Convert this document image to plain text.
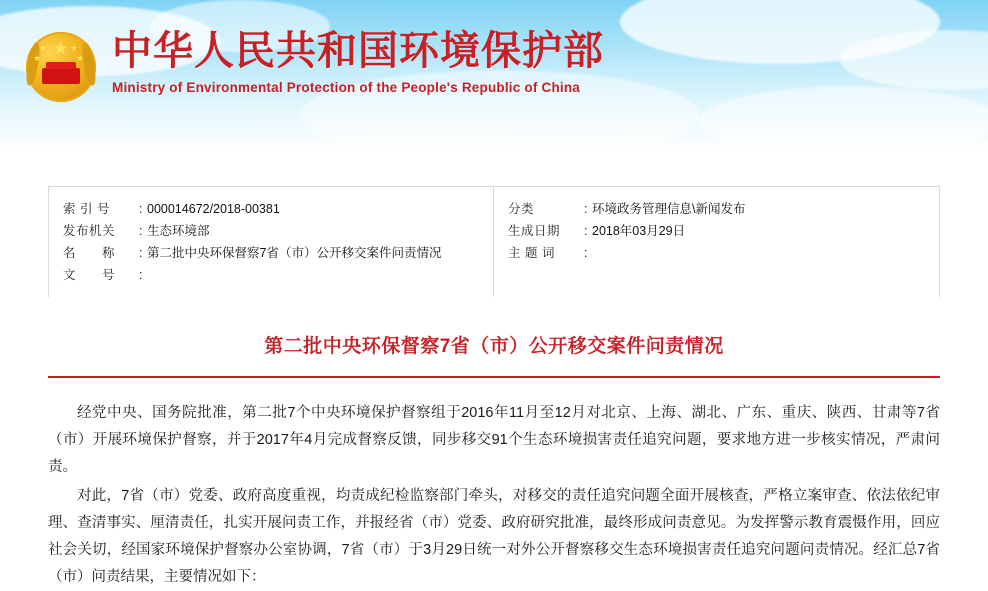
★
★
★
★
★ 中华人民共和国环境保护部
Ministry of Environmental Protection of the People's Republic of China
索 引 号	: 000014672/2018-00381
发布机关	: 生态环境部
名　　称	: 第二批中央环保督察7省（市）公开移交案件问责情况
文　　号	:
分类	: 环境政务管理信息\新闻发布
生成日期	: 2018年03月29日
主 题 词	:
第二批中央环保督察7省（市）公开移交案件问责情况

经党中央、国务院批准，第二批7个中央环境保护督察组于2016年11月至12月对北京、上海、湖北、广东、重庆、陕西、甘肃等7省（市）开展环境保护督察，并于2017年4月完成督察反馈，同步移交91个生态环境损害责任追究问题，要求地方进一步核实情况，严肃问责。

对此，7省（市）党委、政府高度重视，均责成纪检监察部门牵头，对移交的责任追究问题全面开展核查，严格立案审查、依法依纪审理、查清事实、厘清责任，扎实开展问责工作，并报经省（市）党委、政府研究批准，最终形成问责意见。为发挥警示教育震慑作用，回应社会关切，经国家环境保护督察办公室协调，7省（市）于3月29日统一对外公开督察移交生态环境损害责任追究问题问责情况。经汇总7省（市）问责结果，主要情况如下：
